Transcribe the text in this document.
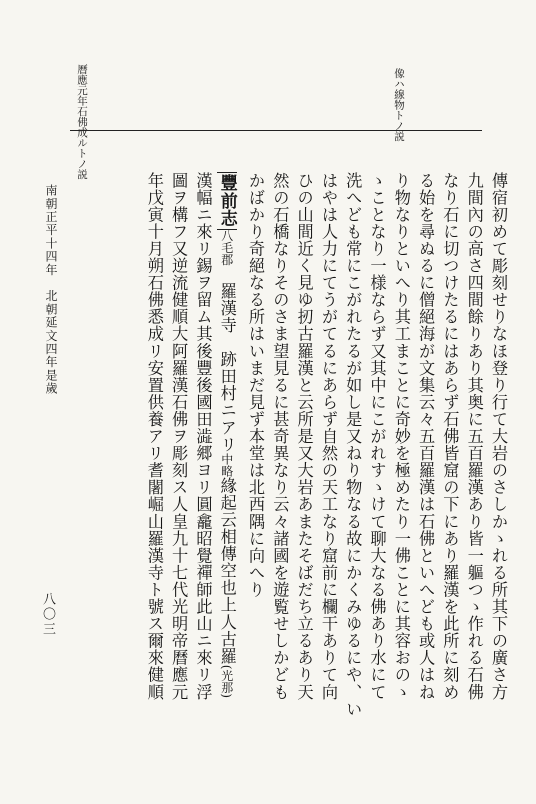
像ハ線物トノ説
曆應元年石佛成ルトノ説
傳宿初めて彫刻せりなほ登り行て大岩のさしかゝれる所其下の廣さ方
九間內の高さ四間餘りあり其奥に五百羅漢あり皆一軀つゝ作れる石佛
なり石に切つけたるにはあらず石佛皆窟の下にあり羅漢を此所に刻め
る始を尋ぬるに僧絕海が文集云々五百羅漢は石佛といへども或人はね
り物なりといへり其工まことに奇妙を極めたり一佛ことに其容おのゝ
ゝことなり一様ならず又其中にこがれすゝけて聊大なる佛あり水にて
洗へども常にこがれたるが如し是又ねり物なる故にかくみゆるにや、い
はやは人力にてうがてるにあらず自然の天工なり窟前に欄干ありて向
ひの山間近く見ゆ扨古羅漢と云所是又大岩あまたそばだち立るあり天
然の石橋なりそのさま望見るに甚奇異なり云々諸國を遊覧せしかども
かばかり奇絕なる所はいまだ見ず本堂は北西隅に向へり
豐前志八毛郡　羅漢寺　跡田村ニアリ中略緣起云相傳空也上人古羅(光那)
漢幅ニ來リ錫ヲ留ム其後豐後國田澁郷ヨリ圓龕昭覺禪師此山ニ來リ浮
圖ヲ構フ又逆流健順大阿羅漢石佛ヲ彫刻ス人皇九十七代光明帝曆應元
年戊寅十月朔石佛悉成リ安置供養アリ耆闍崛山羅漢寺ト號ス爾來健順
南朝正平十四年　北朝延文四年是歲
八〇三
